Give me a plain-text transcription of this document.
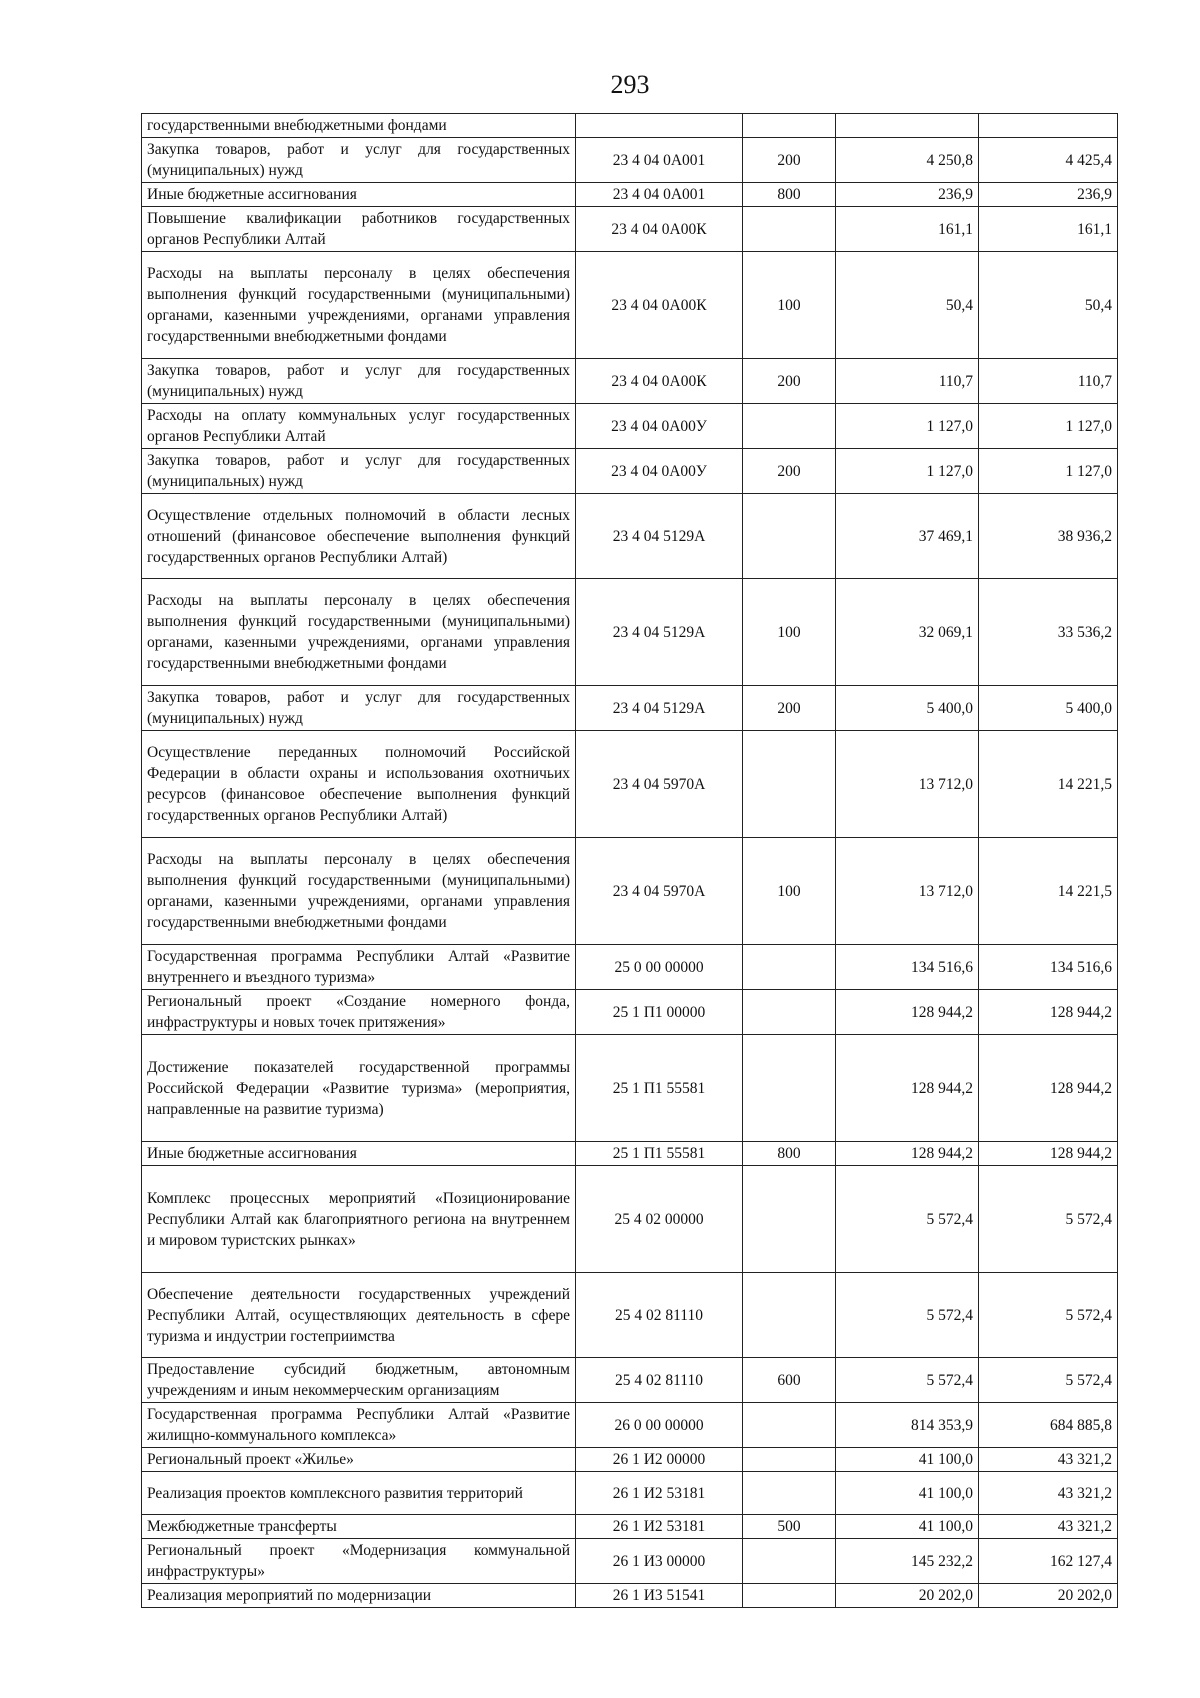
293
государственными внебюджетными фондами				
Закупка товаров, работ и услуг для государственных (муниципальных) нужд	23 4 04 0А001	200	4 250,8	4 425,4
Иные бюджетные ассигнования	23 4 04 0А001	800	236,9	236,9
Повышение квалификации работников государственных органов Республики Алтай	23 4 04 0А00К		161,1	161,1
Расходы на выплаты персоналу в целях обеспечения выполнения функций государственными (муниципальными) органами, казенными учреждениями, органами управления государственными внебюджетными фондами	23 4 04 0А00К	100	50,4	50,4
Закупка товаров, работ и услуг для государственных (муниципальных) нужд	23 4 04 0А00К	200	110,7	110,7
Расходы на оплату коммунальных услуг государственных органов Республики Алтай	23 4 04 0А00У		1 127,0	1 127,0
Закупка товаров, работ и услуг для государственных (муниципальных) нужд	23 4 04 0А00У	200	1 127,0	1 127,0
Осуществление отдельных полномочий в области лесных отношений (финансовое обеспечение выполнения функций государственных органов Республики Алтай)	23 4 04 5129А		37 469,1	38 936,2
Расходы на выплаты персоналу в целях обеспечения выполнения функций государственными (муниципальными) органами, казенными учреждениями, органами управления государственными внебюджетными фондами	23 4 04 5129А	100	32 069,1	33 536,2
Закупка товаров, работ и услуг для государственных (муниципальных) нужд	23 4 04 5129А	200	5 400,0	5 400,0
Осуществление переданных полномочий Российской Федерации в области охраны и использования охотничьих ресурсов (финансовое обеспечение выполнения функций государственных органов Республики Алтай)	23 4 04 5970А		13 712,0	14 221,5
Расходы на выплаты персоналу в целях обеспечения выполнения функций государственными (муниципальными) органами, казенными учреждениями, органами управления государственными внебюджетными фондами	23 4 04 5970А	100	13 712,0	14 221,5
Государственная программа Республики Алтай «Развитие внутреннего и въездного туризма»	25 0 00 00000		134 516,6	134 516,6
Региональный проект «Создание номерного фонда, инфраструктуры и новых точек притяжения»	25 1 П1 00000		128 944,2	128 944,2
Достижение показателей государственной программы Российской Федерации «Развитие туризма» (мероприятия, направленные на развитие туризма)	25 1 П1 55581		128 944,2	128 944,2
Иные бюджетные ассигнования	25 1 П1 55581	800	128 944,2	128 944,2
Комплекс процессных мероприятий «Позиционирование Республики Алтай как благоприятного региона на внутреннем и мировом туристских рынках»	25 4 02 00000		5 572,4	5 572,4
Обеспечение деятельности государственных учреждений Республики Алтай, осуществляющих деятельность в сфере туризма и индустрии гостеприимства	25 4 02 81110		5 572,4	5 572,4
Предоставление субсидий бюджетным, автономным учреждениям и иным некоммерческим организациям	25 4 02 81110	600	5 572,4	5 572,4
Государственная программа Республики Алтай «Развитие жилищно-коммунального комплекса»	26 0 00 00000		814 353,9	684 885,8
Региональный проект «Жилье»	26 1 И2 00000		41 100,0	43 321,2
Реализация проектов комплексного развития территорий	26 1 И2 53181		41 100,0	43 321,2
Межбюджетные трансферты	26 1 И2 53181	500	41 100,0	43 321,2
Региональный проект «Модернизация коммунальной инфраструктуры»	26 1 И3 00000		145 232,2	162 127,4
Реализация мероприятий по модернизации	26 1 И3 51541		20 202,0	20 202,0
